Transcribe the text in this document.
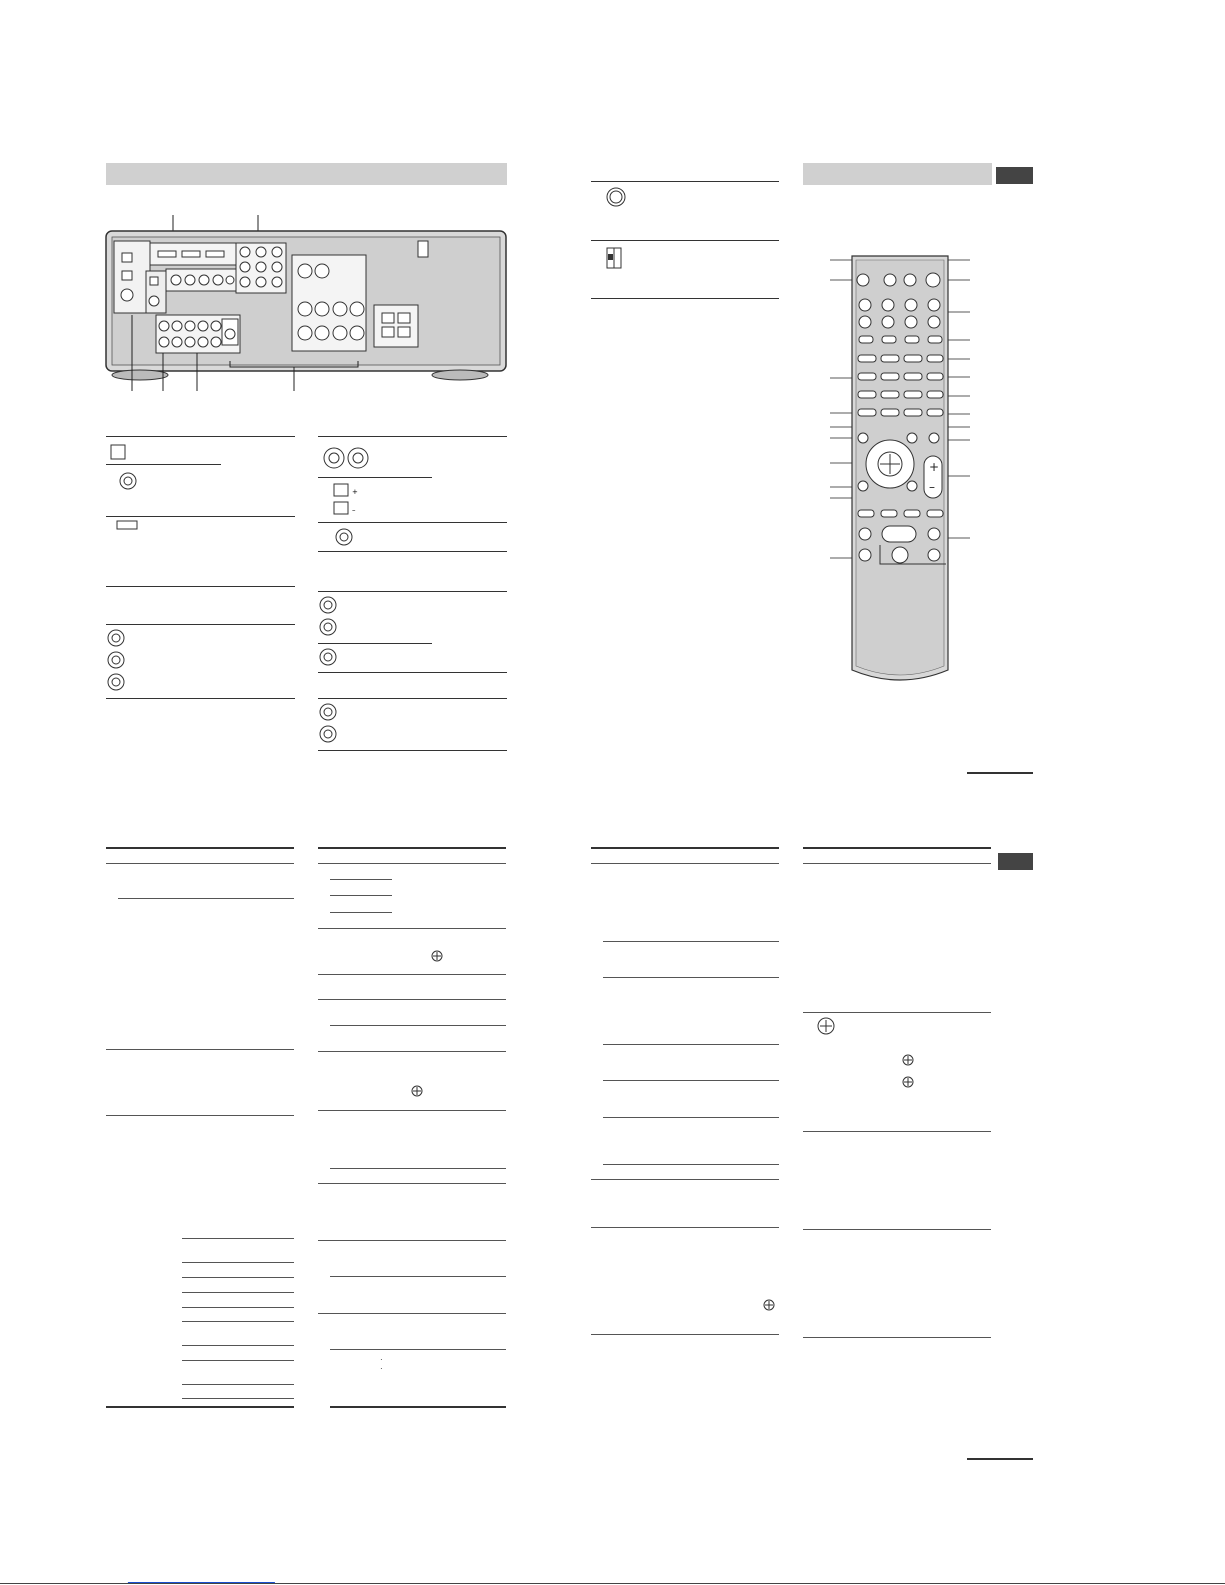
+
–
+
–
·
·
________________________
